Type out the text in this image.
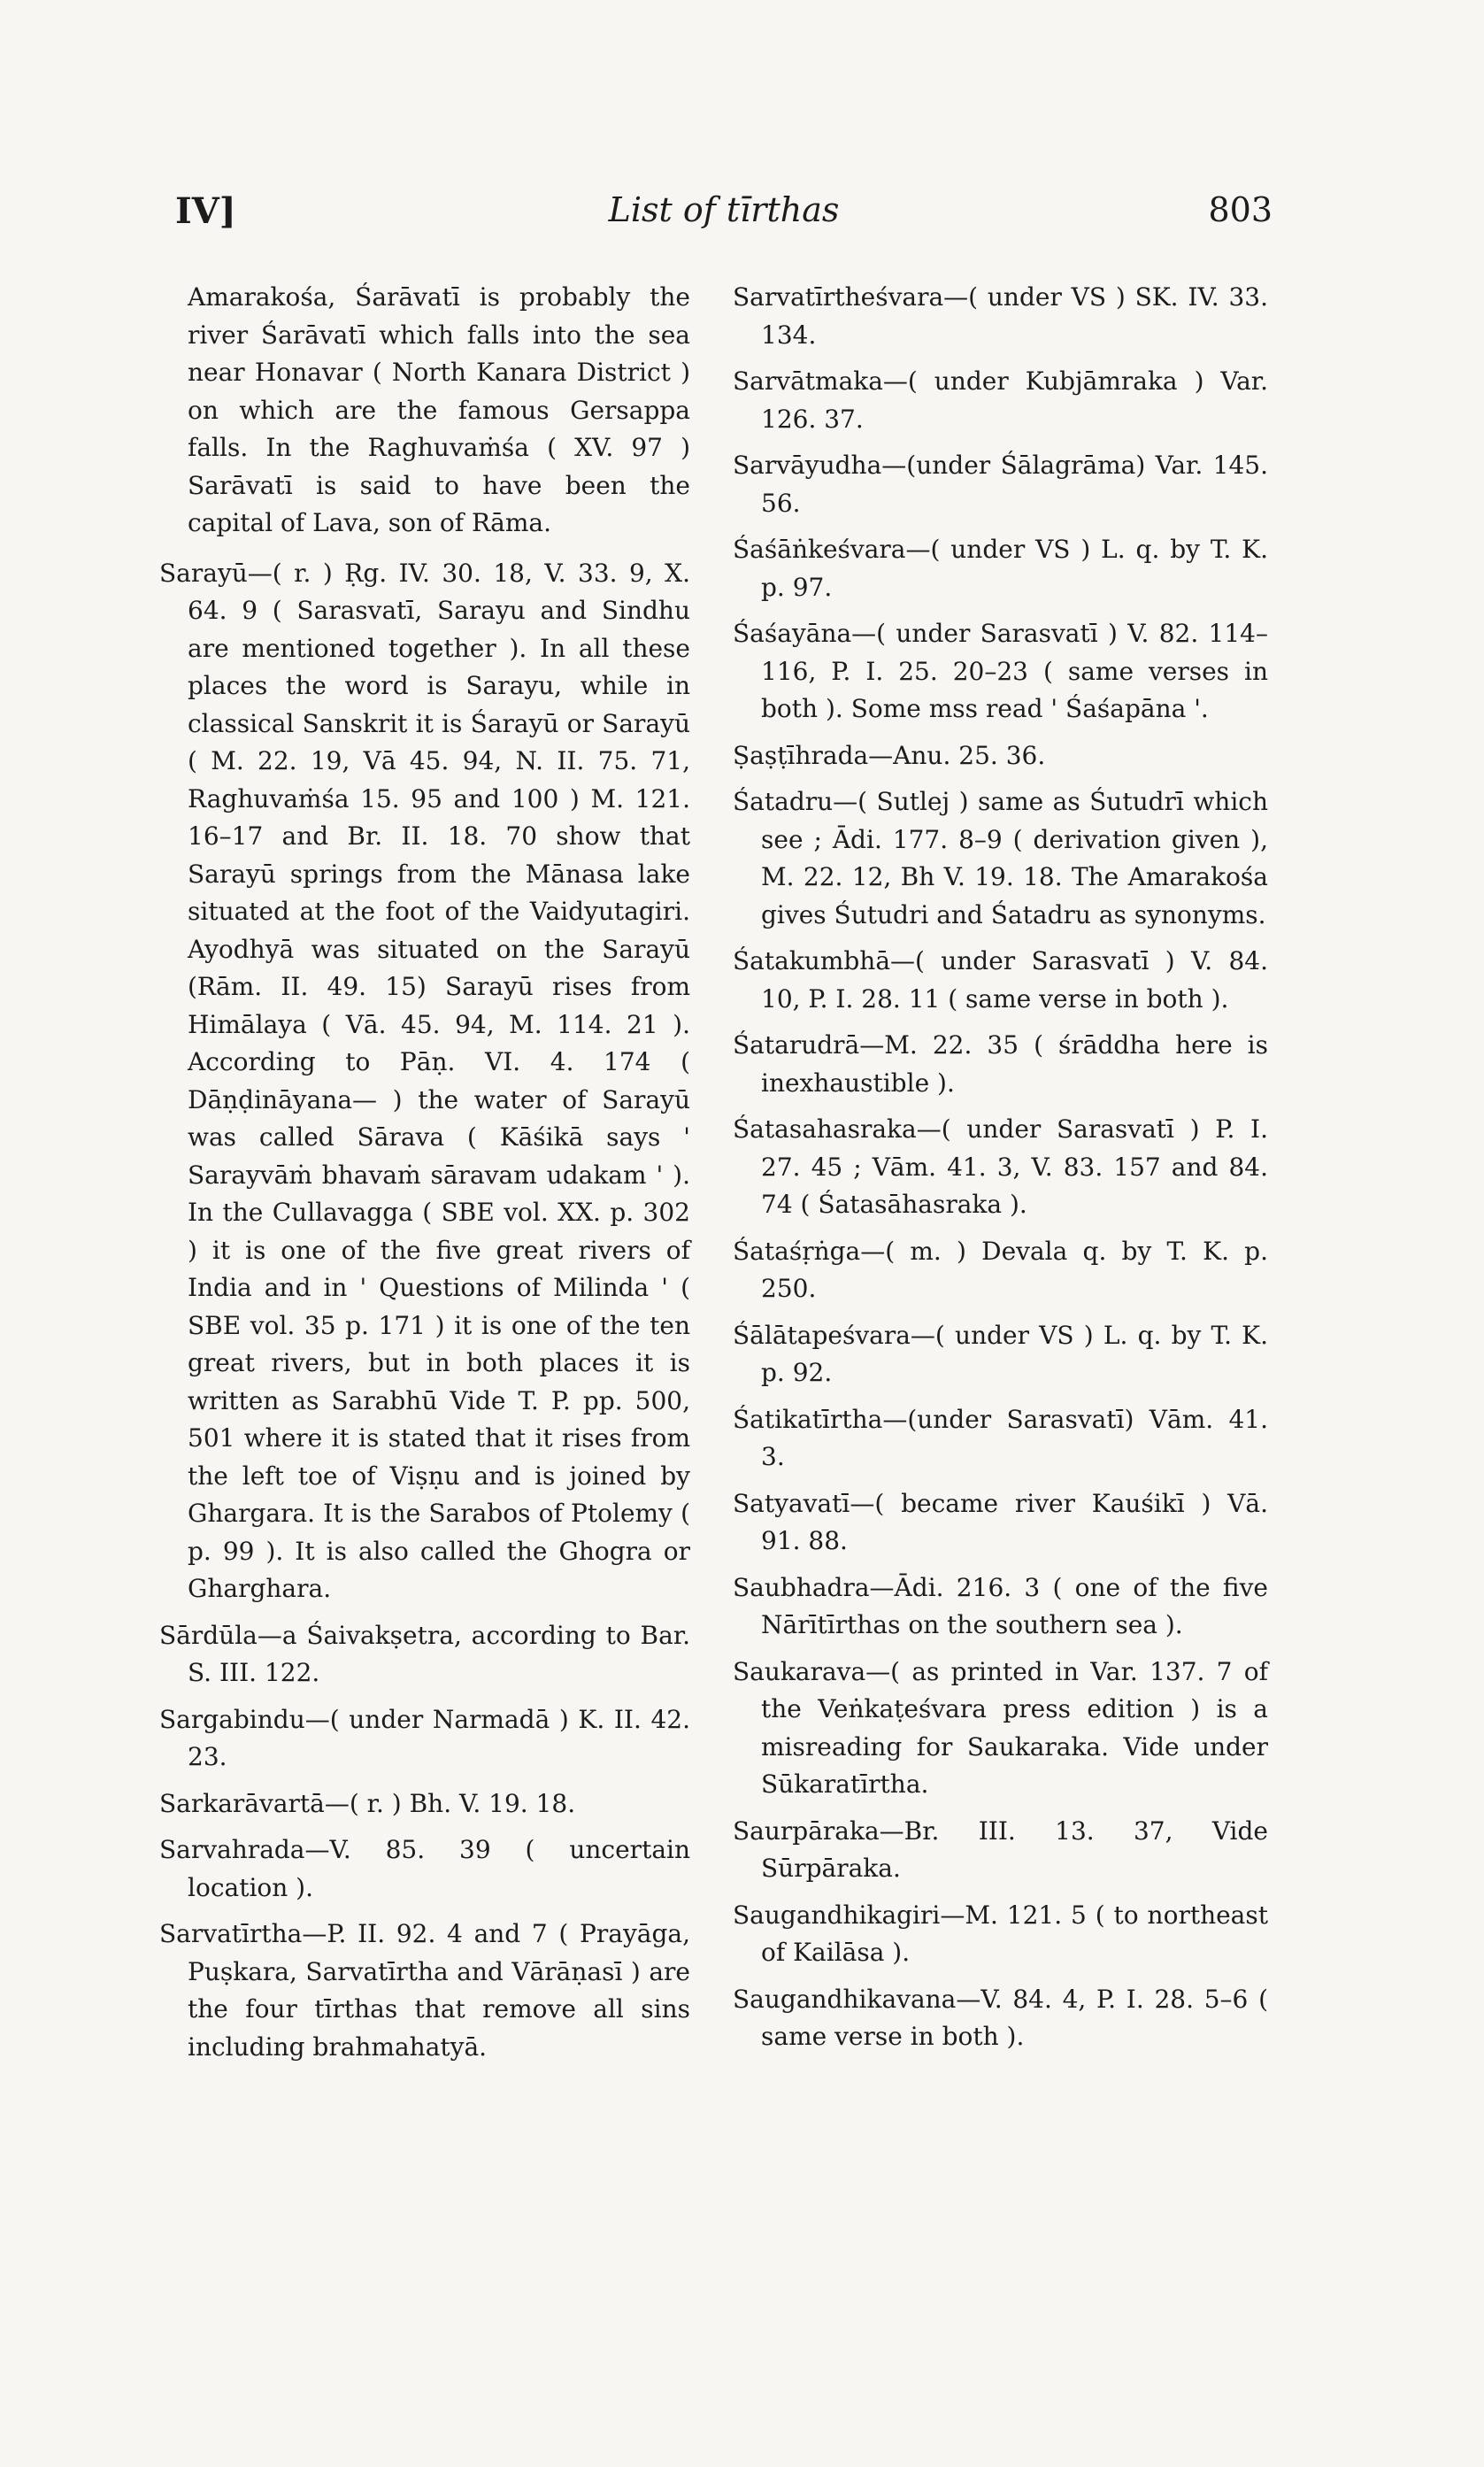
IV]	List of tīrthas	803

Amarakośa, Śarāvatī is probably the river Śarāvatī which falls into the sea near Honavar ( North Kanara District ) on which are the famous Gersappa falls. In the Raghuvaṁśa ( XV. 97 ) Sarāvatī is said to have been the capital of Lava, son of Rāma.

Sarayū—( r. ) Ṛg. IV. 30. 18, V. 33. 9, X. 64. 9 ( Sarasvatī, Sarayu and Sindhu are mentioned together ). In all these places the word is Sarayu, while in classical Sanskrit it is Śarayū or Sarayū ( M. 22. 19, Vā 45. 94, N. II. 75. 71, Raghuvaṁśa 15. 95 and 100 ) M. 121. 16–17 and Br. II. 18. 70 show that Sarayū springs from the Mānasa lake situated at the foot of the Vaidyutagiri. Ayodhyā was situated on the Sarayū (Rām. II. 49. 15) Sarayū rises from Himālaya ( Vā. 45. 94, M. 114. 21 ). According to Pāṇ. VI. 4. 174 ( Dāṇḍināyana— ) the water of Sarayū was called Sārava ( Kāśikā says ' Sarayvāṁ bhavaṁ sāravam udakam ' ). In the Cullavagga ( SBE vol. XX. p. 302 ) it is one of the five great rivers of India and in ' Questions of Milinda ' ( SBE vol. 35 p. 171 ) it is one of the ten great rivers, but in both places it is written as Sarabhū Vide T. P. pp. 500, 501 where it is stated that it rises from the left toe of Viṣṇu and is joined by Ghargara. It is the Sarabos of Ptolemy ( p. 99 ). It is also called the Ghogra or Gharghara.

Sārdūla—a Śaivakṣetra, according to Bar. S. III. 122.

Sargabindu—( under Narmadā ) K. II. 42. 23.

Sarkarāvartā—( r. ) Bh. V. 19. 18.

Sarvahrada—V. 85. 39 ( uncertain location ).

Sarvatīrtha—P. II. 92. 4 and 7 ( Prayāga, Puṣkara, Sarvatīrtha and Vārāṇasī ) are the four tīrthas that remove all sins including brahmahatyā.

Sarvatīrtheśvara—( under VS ) SK. IV. 33. 134.

Sarvātmaka—( under Kubjāmraka ) Var. 126. 37.

Sarvāyudha—(under Śālagrāma) Var. 145. 56.

Śaśāṅkeśvara—( under VS ) L. q. by T. K. p. 97.

Śaśayāna—( under Sarasvatī ) V. 82. 114–116, P. I. 25. 20–23 ( same verses in both ). Some mss read ' Śaśapāna '.

Ṣaṣṭīhrada—Anu. 25. 36.

Śatadru—( Sutlej ) same as Śutudrī which see ; Ādi. 177. 8–9 ( derivation given ), M. 22. 12, Bh V. 19. 18. The Amarakośa gives Śutudri and Śatadru as synonyms.

Śatakumbhā—( under Sarasvatī ) V. 84. 10, P. I. 28. 11 ( same verse in both ).

Śatarudrā—M. 22. 35 ( śrāddha here is inexhaustible ).

Śatasahasraka—( under Sarasvatī ) P. I. 27. 45 ; Vām. 41. 3, V. 83. 157 and 84. 74 ( Śatasāhasraka ).

Śataśṛṅga—( m. ) Devala q. by T. K. p. 250.

Śālātapeśvara—( under VS ) L. q. by T. K. p. 92.

Śatikatīrtha—(under Sarasvatī) Vām. 41. 3.

Satyavatī—( became river Kauśikī ) Vā. 91. 88.

Saubhadra—Ādi. 216. 3 ( one of the five Nārītīrthas on the southern sea ).

Saukarava—( as printed in Var. 137. 7 of the Veṅkaṭeśvara press edition ) is a misreading for Saukaraka. Vide under Sūkaratīrtha.

Saurpāraka—Br. III. 13. 37, Vide Sūrpāraka.

Saugandhikagiri—M. 121. 5 ( to northeast of Kailāsa ).

Saugandhikavana—V. 84. 4, P. I. 28. 5–6 ( same verse in both ).
